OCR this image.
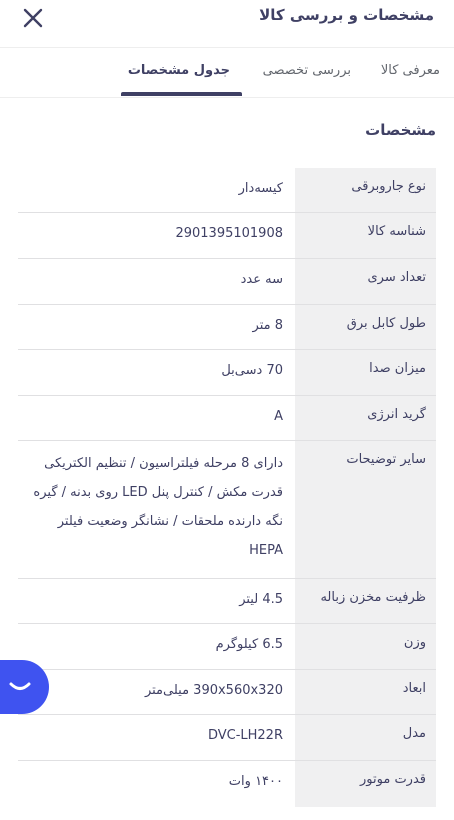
مشخصات و بررسی کالا
معرفی کالا
بررسی تخصصی
جدول مشخصات
مشخصات
نوع جاروبرقی
کیسه‌دار
شناسه کالا
2901395101908
تعداد سری
سه عدد
طول کابل برق
8 متر
میزان صدا
70 دسی‌بل
گرید انرژی
A
سایر توضیحات
دارای 8 مرحله فیلتراسیون / تنظیم الکتریکی قدرت مکش / کنترل پنل LED روی بدنه / گیره نگه دارنده ملحقات / نشانگر وضعیت فیلتر HEPA
ظرفیت مخزن زباله
4.5 لیتر
وزن
6.5 کیلوگرم
ابعاد
390x560x320 میلی‌متر
مدل
DVC-LH22R
قدرت موتور
۱۴۰۰ وات
